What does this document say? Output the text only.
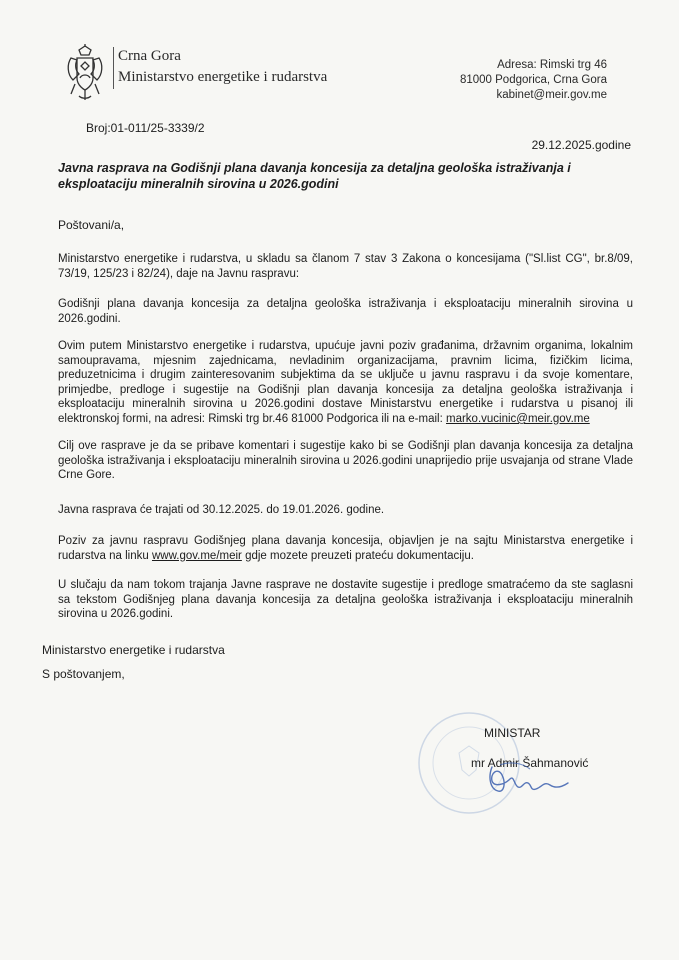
Crna Gora
Ministarstvo energetike i rudarstva
Adresa: Rimski trg 46
81000 Podgorica, Crna Gora
kabinet@meir.gov.me
Broj:01-011/25-3339/2
29.12.2025.godine
Javna rasprava na Godišnji plana davanja koncesija za detaljna geološka istraživanja i eksploataciju mineralnih sirovina u 2026.godini
Poštovani/a,
Ministarstvo energetike i rudarstva, u skladu sa članom 7 stav 3 Zakona o koncesijama ("Sl.list CG", br.8/09, 73/19, 125/23 i 82/24), daje na Javnu raspravu:
Godišnji plana davanja koncesija za detaljna geološka istraživanja i eksploataciju mineralnih sirovina u 2026.godini.
Ovim putem Ministarstvo energetike i rudarstva, upućuje javni poziv građanima, državnim organima, lokalnim samoupravama, mjesnim zajednicama, nevladinim organizacijama, pravnim licima, fizičkim licima, preduzetnicima i drugim zainteresovanim subjektima da se uključe u javnu raspravu i da svoje komentare, primjedbe, predloge i sugestije na Godišnji plan davanja koncesija za detaljna geološka istraživanja i eksploataciju mineralnih sirovina u 2026.godini dostave Ministarstvu energetike i rudarstva u pisanoj ili elektronskoj formi, na adresi: Rimski trg br.46 81000 Podgorica ili na e-mail: marko.vucinic@meir.gov.me
Cilj ove rasprave je da se pribave komentari i sugestije kako bi se Godišnji plan davanja koncesija za detaljna geološka istraživanja i eksploataciju mineralnih sirovina u 2026.godini unaprijedio prije usvajanja od strane Vlade Crne Gore.
Javna rasprava će trajati od 30.12.2025. do 19.01.2026. godine.
Poziv za javnu raspravu Godišnjeg plana davanja koncesija, objavljen je na sajtu Ministarstva energetike i rudarstva na linku www.gov.me/meir gdje mozete preuzeti prateću dokumentaciju.
U slučaju da nam tokom trajanja Javne rasprave ne dostavite sugestije i predloge smatraćemo da ste saglasni sa tekstom Godišnjeg plana davanja koncesija za detaljna geološka istraživanja i eksploataciju mineralnih sirovina u 2026.godini.
Ministarstvo energetike i rudarstva
S poštovanjem,
MINISTAR
mr Admir Šahmanović
